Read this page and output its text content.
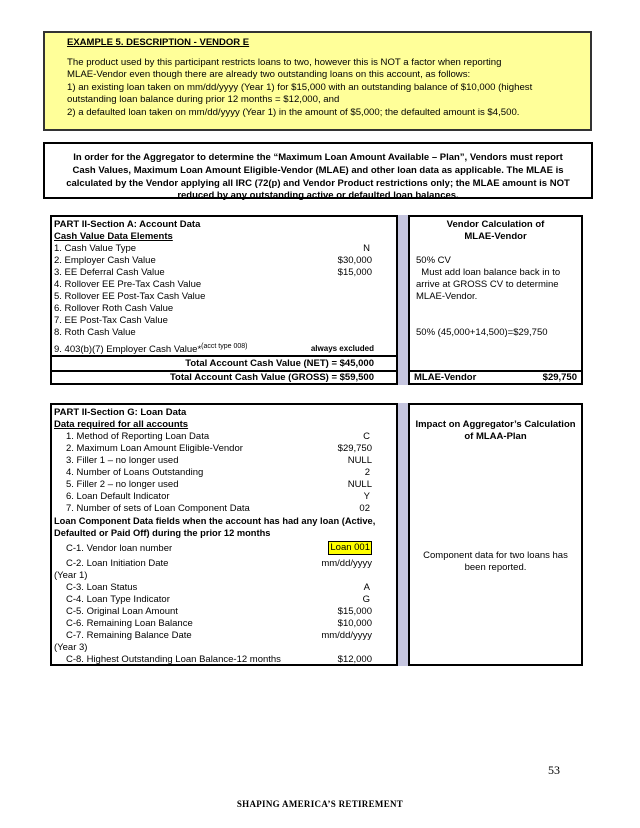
EXAMPLE 5. DESCRIPTION - VENDOR E
The product used by this participant restricts loans to two, however this is NOT a factor when reporting
MLAE-Vendor even though there are already two outstanding loans on this account, as follows:
1) an existing loan taken on mm/dd/yyyy (Year 1) for $15,000 with an outstanding balance of $10,000 (highest
outstanding loan balance during prior 12 months = $12,000, and
2) a defaulted loan taken on mm/dd/yyyy (Year 1) in the amount of $5,000; the defaulted amount is $4,500.
In order for the Aggregator to determine the “Maximum Loan Amount Available – Plan”, Vendors must report
Cash Values, Maximum Loan Amount Eligible-Vendor (MLAE) and other loan data as applicable. The MLAE is
calculated by the Vendor applying all IRC (72(p) and Vendor Product restrictions only; the MLAE amount is NOT
reduced by any outstanding active or defaulted loan balances.
PART II-Section A: Account Data
Cash Value Data Elements
1. Cash Value Type	N
2. Employer Cash Value	$30,000
3. EE Deferral Cash Value	$15,000
4. Rollover EE Pre-Tax Cash Value
5. Rollover EE Post-Tax Cash Value
6. Rollover Roth Cash Value
7. EE Post-Tax Cash Value
8. Roth Cash Value
9. 403(b)(7) Employer Cash Value*$^{(acct type 008)}$	always excluded
Total Account Cash Value (NET) = $45,000
Total Account Cash Value (GROSS) = $59,500
Vendor Calculation of
MLAE-Vendor
50% CV
Must add loan balance back in to
arrive at GROSS CV to determine
MLAE-Vendor.
50% (45,000+14,500)=$29,750
MLAE-Vendor	$29,750
PART II-Section G: Loan Data
Data required for all accounts
1. Method of Reporting Loan Data	C
2. Maximum Loan Amount Eligible-Vendor	$29,750
3. Filler 1 – no longer used	NULL
4. Number of Loans Outstanding	2
5. Filler 2 – no longer used	NULL
6. Loan Default Indicator	Y
7. Number of sets of Loan Component Data	02
Loan Component Data fields when the account has had any loan (Active,
Defaulted or Paid Off) during the prior 12 months
C-1. Vendor loan number	Loan 001
C-2. Loan Initiation Date	mm/dd/yyyy
(Year 1)
C-3. Loan Status	A
C-4. Loan Type Indicator	G
C-5. Original Loan Amount	$15,000
C-6. Remaining Loan Balance	$10,000
C-7. Remaining Balance Date	mm/dd/yyyy
(Year 3)
C-8. Highest Outstanding Loan Balance-12 months	$12,000
Impact on Aggregator’s Calculation
of MLAA-Plan
Component data for two loans has
been reported.
53
SHAPING AMERICA’S RETIREMENT
